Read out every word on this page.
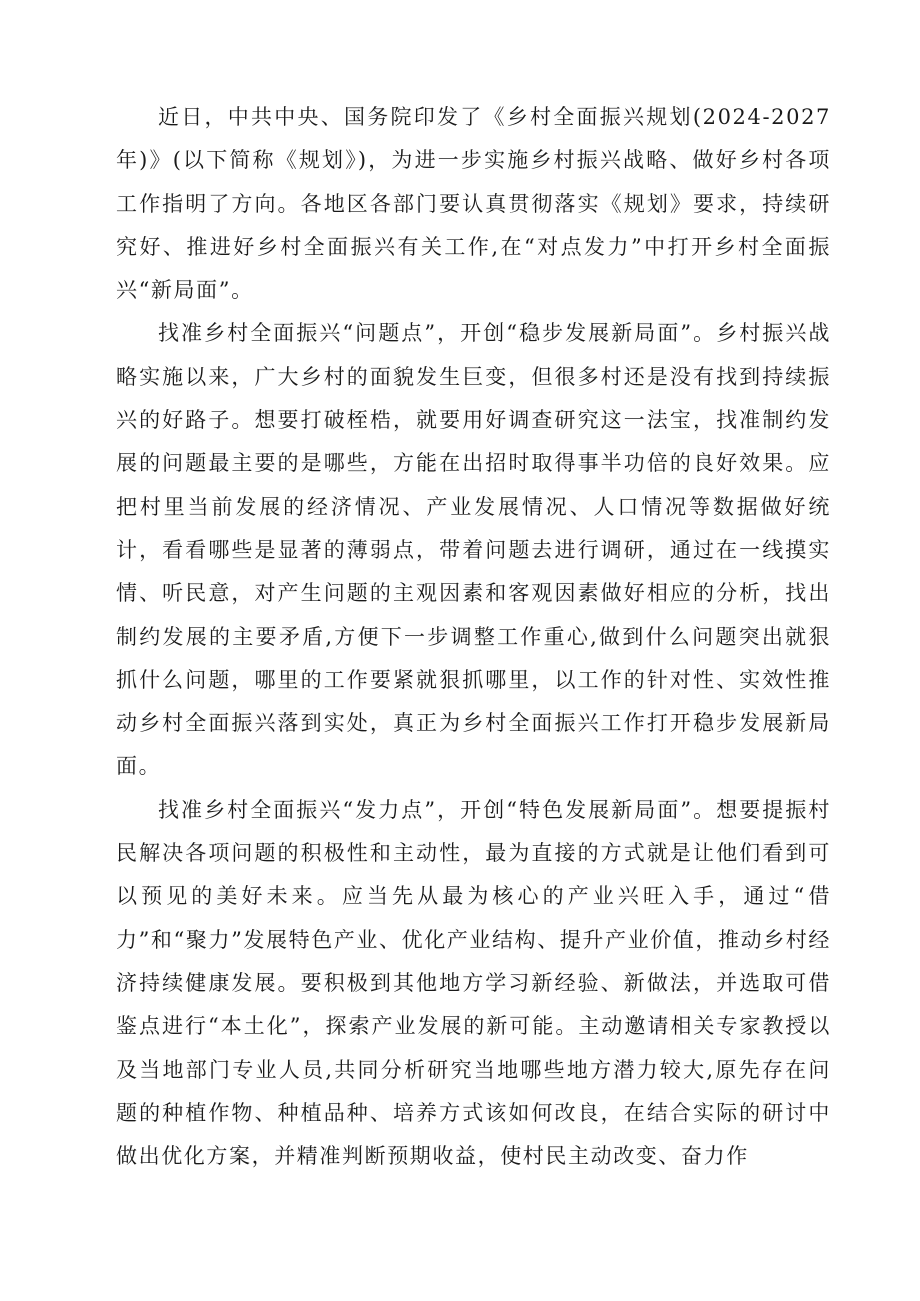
近日，中共中央、国务院印发了《乡村全面振兴规划(2024-2027年)》(以下简称《规划》)，为进一步实施乡村振兴战略、做好乡村各项工作指明了方向。各地区各部门要认真贯彻落实《规划》要求，持续研究好、推进好乡村全面振兴有关工作,在“对点发力”中打开乡村全面振兴“新局面”。

找准乡村全面振兴“问题点”，开创“稳步发展新局面”。乡村振兴战略实施以来，广大乡村的面貌发生巨变，但很多村还是没有找到持续振兴的好路子。想要打破桎梏，就要用好调查研究这一法宝，找准制约发展的问题最主要的是哪些，方能在出招时取得事半功倍的良好效果。应把村里当前发展的经济情况、产业发展情况、人口情况等数据做好统计，看看哪些是显著的薄弱点，带着问题去进行调研，通过在一线摸实情、听民意，对产生问题的主观因素和客观因素做好相应的分析，找出制约发展的主要矛盾,方便下一步调整工作重心,做到什么问题突出就狠抓什么问题，哪里的工作要紧就狠抓哪里，以工作的针对性、实效性推动乡村全面振兴落到实处，真正为乡村全面振兴工作打开稳步发展新局面。

找准乡村全面振兴“发力点”，开创“特色发展新局面”。想要提振村民解决各项问题的积极性和主动性，最为直接的方式就是让他们看到可以预见的美好未来。应当先从最为核心的产业兴旺入手，通过“借力”和“聚力”发展特色产业、优化产业结构、提升产业价值，推动乡村经济持续健康发展。要积极到其他地方学习新经验、新做法，并选取可借鉴点进行“本土化”，探索产业发展的新可能。主动邀请相关专家教授以及当地部门专业人员,共同分析研究当地哪些地方潜力较大,原先存在问题的种植作物、种植品种、培养方式该如何改良，在结合实际的研讨中做出优化方案，并精准判断预期收益，使村民主动改变、奋力作
